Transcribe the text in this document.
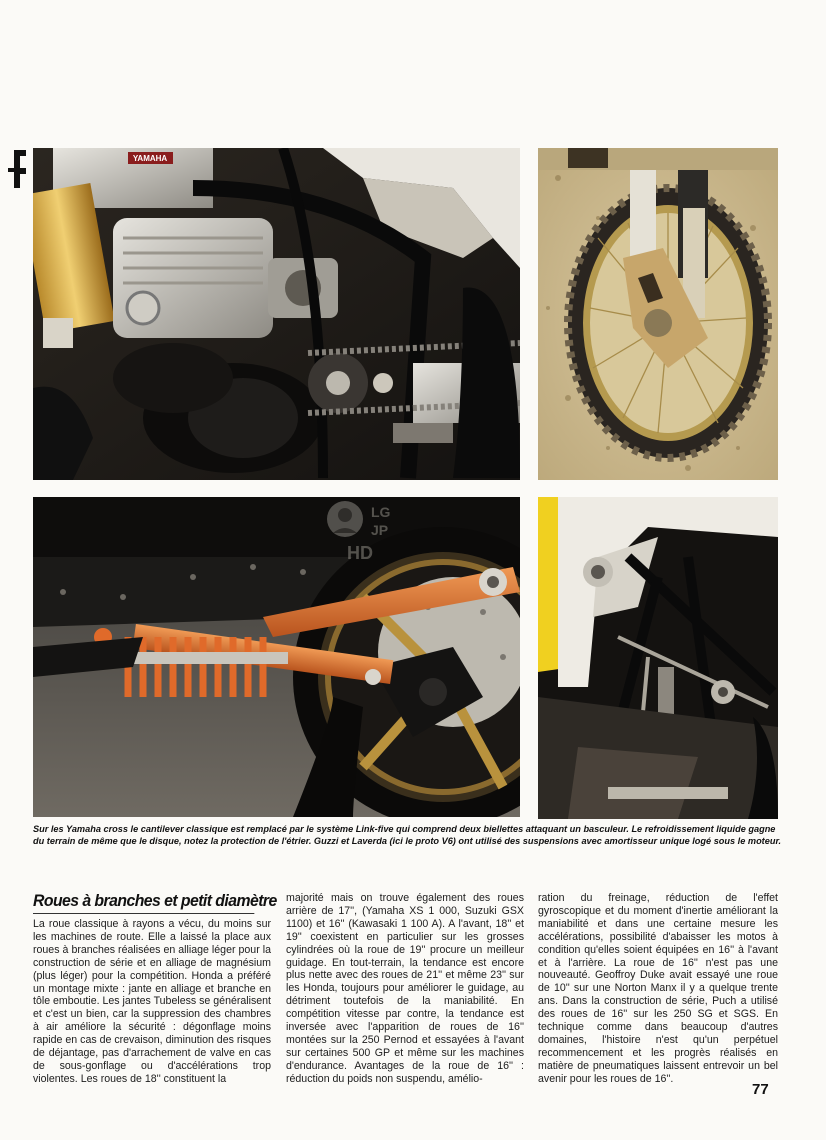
YAMAHA
LG
JP
HD
Sur les Yamaha cross le cantilever classique est remplacé par le système Link-five qui comprend deux biellettes attaquant un basculeur. Le refroidissement liquide gagne du terrain de même que le disque, notez la protection de l'étrier. Guzzi et Laverda (ici le proto V6) ont utilisé des suspensions avec amortisseur unique logé sous le moteur.
Roues à branches et petit diamètre
La roue classique à rayons a vécu, du moins sur les machines de route. Elle a laissé la place aux roues à branches réalisées en alliage léger pour la construction de série et en alliage de magnésium (plus léger) pour la compétition. Honda a préféré un montage mixte : jante en alliage et branche en tôle emboutie. Les jantes Tubeless se généralisent et c'est un bien, car la suppression des chambres à air améliore la sécurité : dégonflage moins rapide en cas de crevaison, diminution des risques de déjantage, pas d'arrachement de valve en cas de sous-gonflage ou d'accélérations trop violentes. Les roues de 18'' constituent la
majorité mais on trouve également des roues arrière de 17'', (Yamaha XS 1 000, Suzuki GSX 1100) et 16'' (Kawasaki 1 100 A). A l'avant, 18'' et 19'' coexistent en particulier sur les grosses cylindrées où la roue de 19'' procure un meilleur guidage. En tout-terrain, la tendance est encore plus nette avec des roues de 21'' et même 23'' sur les Honda, toujours pour améliorer le guidage, au détriment toutefois de la maniabilité. En compétition vitesse par contre, la tendance est inversée avec l'apparition de roues de 16'' montées sur la 250 Pernod et essayées à l'avant sur certaines 500 GP et même sur les machines d'endurance. Avantages de la roue de 16'' : réduction du poids non suspendu, amélio-
ration du freinage, réduction de l'effet gyroscopique et du moment d'inertie améliorant la maniabilité et dans une certaine mesure les accélérations, possibilité d'abaisser les motos à condition qu'elles soient équipées en 16'' à l'avant et à l'arrière. La roue de 16'' n'est pas une nouveauté. Geoffroy Duke avait essayé une roue de 10'' sur une Norton Manx il y a quelque trente ans. Dans la construction de série, Puch a utilisé des roues de 16'' sur les 250 SG et SGS. En technique comme dans beaucoup d'autres domaines, l'histoire n'est qu'un perpétuel recommencement et les progrès réalisés en matière de pneumatiques laissent entrevoir un bel avenir pour les roues de 16''.
77
